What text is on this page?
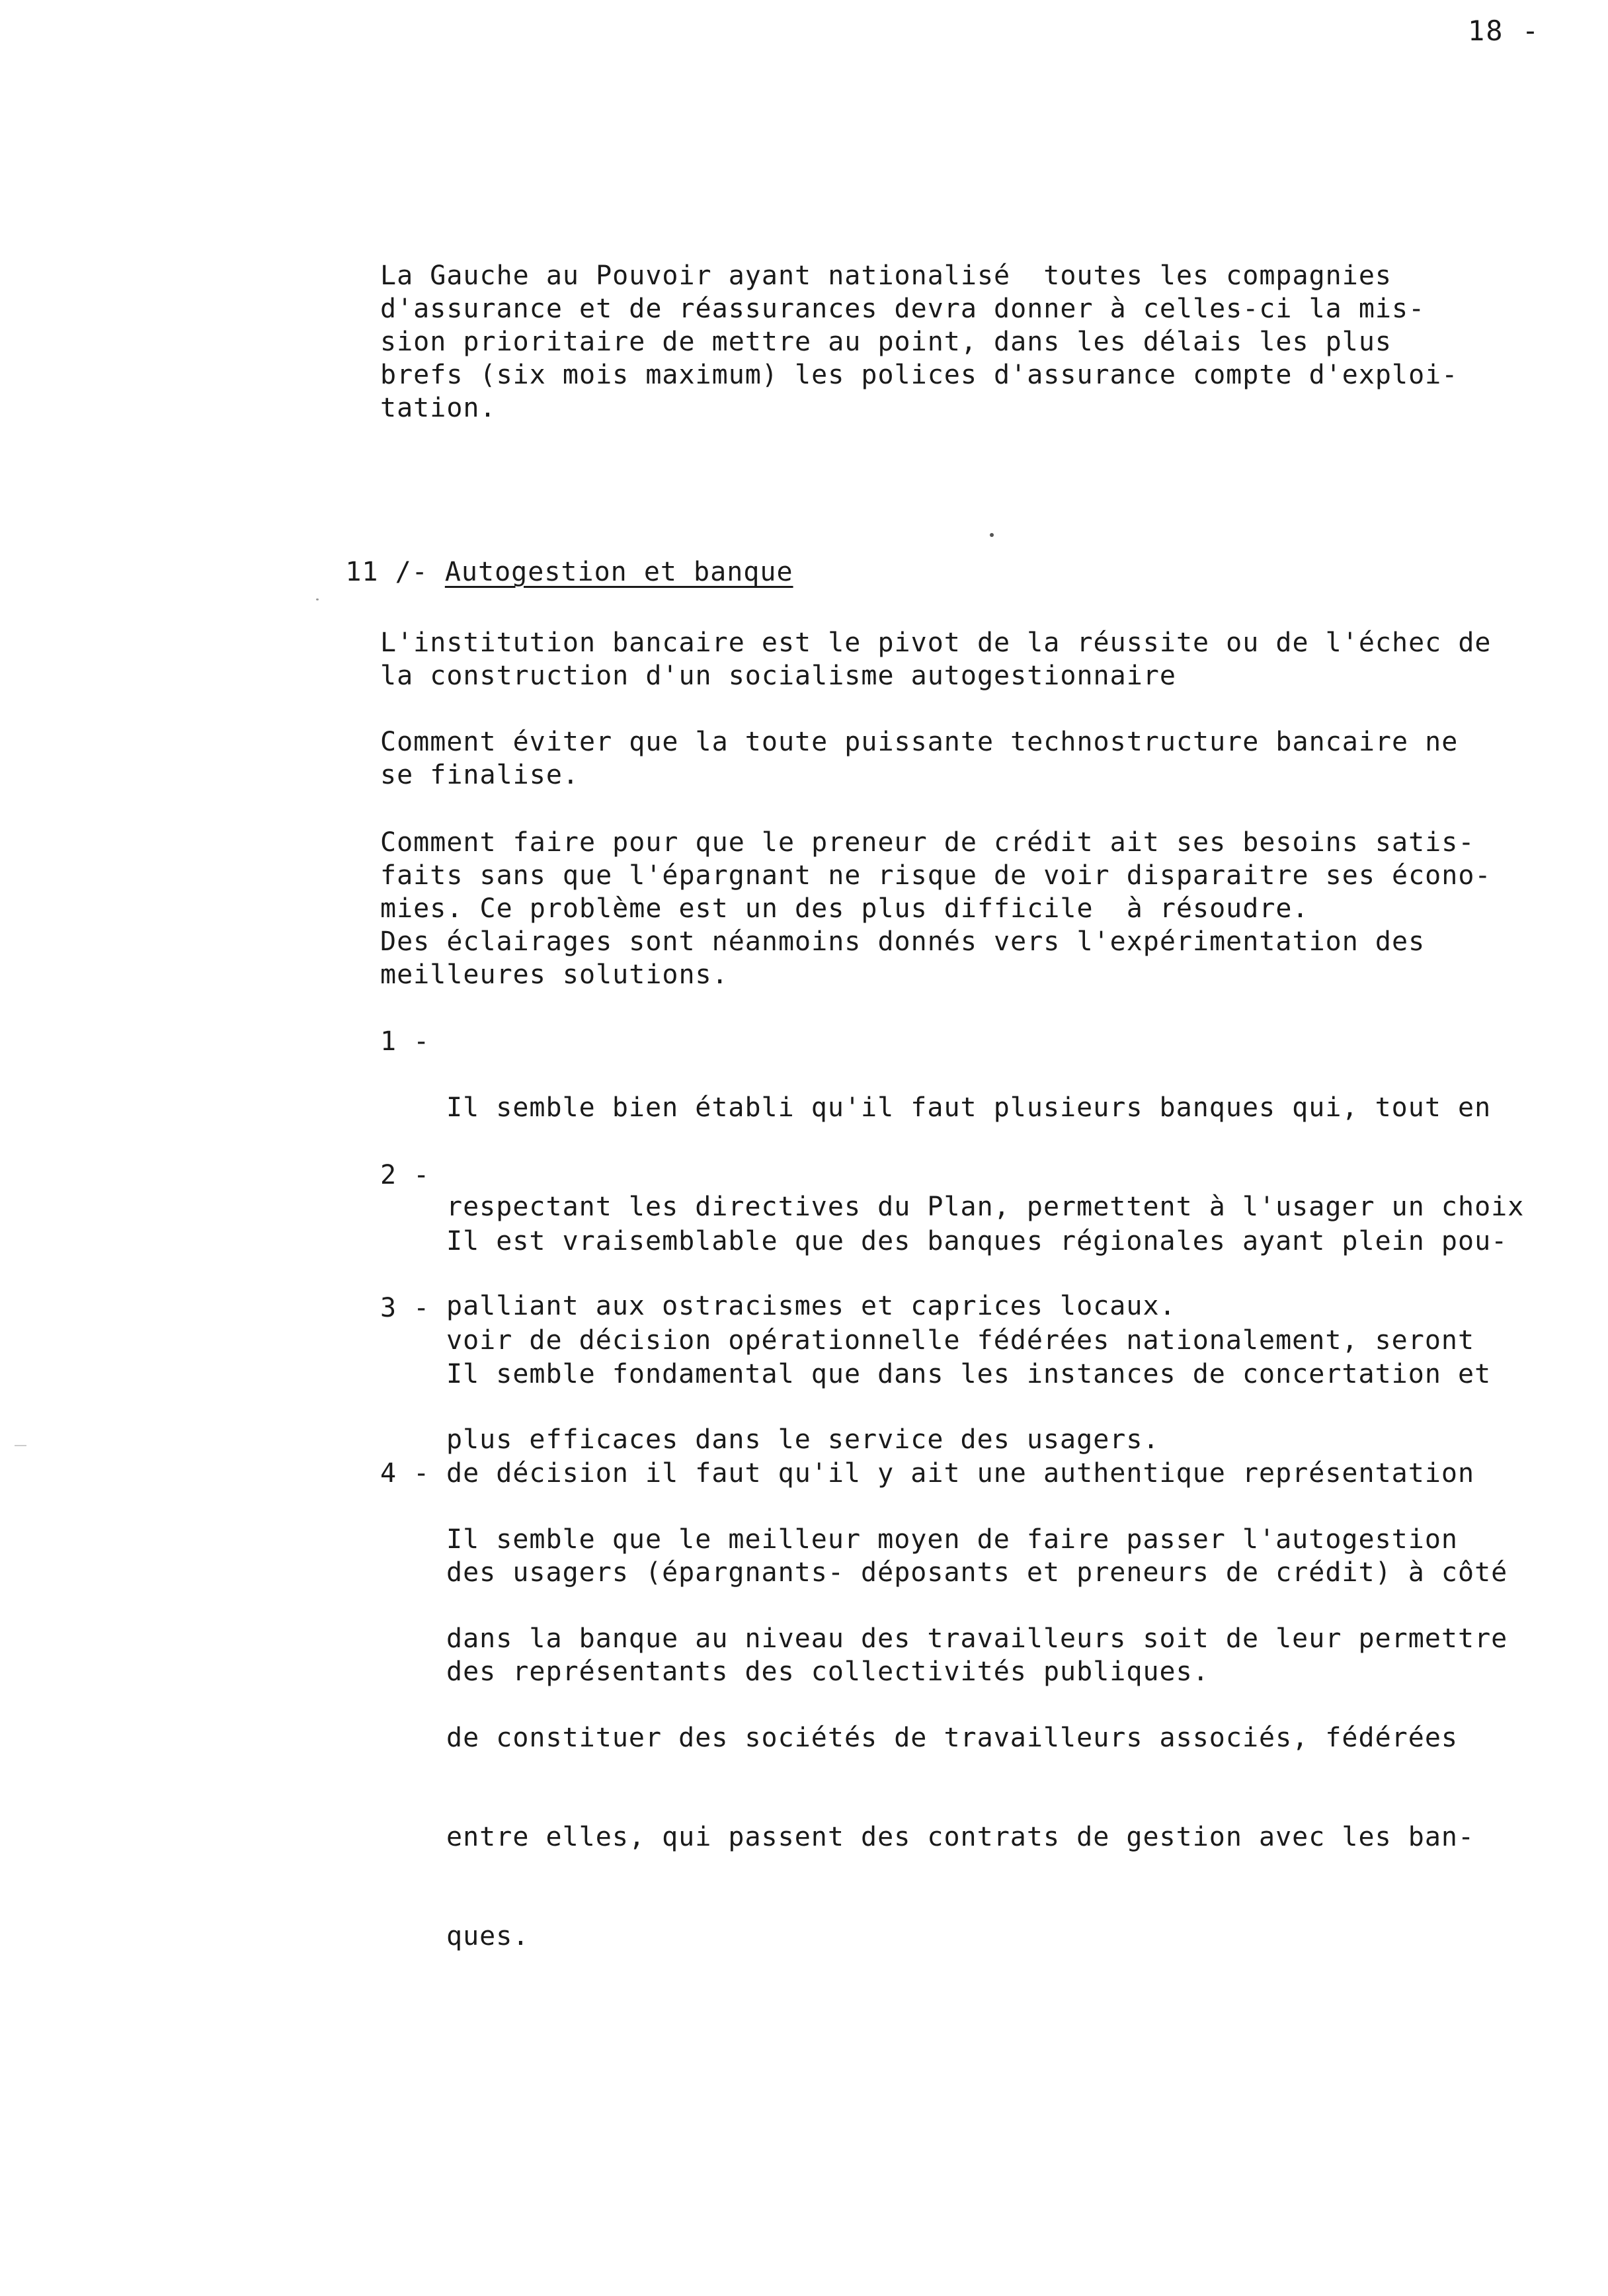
18 -
La Gauche au Pouvoir ayant nationalisé  toutes les compagnies
d'assurance et de réassurances devra donner à celles-ci la mis-
sion prioritaire de mettre au point, dans les délais les plus
brefs (six mois maximum) les polices d'assurance compte d'exploi-
tation.

11 /- Autogestion et banque

L'institution bancaire est le pivot de la réussite ou de l'échec de
la construction d'un socialisme autogestionnaire
Comment éviter que la toute puissante technostructure bancaire ne
se finalise.
Comment faire pour que le preneur de crédit ait ses besoins satis-
faits sans que l'épargnant ne risque de voir disparaitre ses écono-
mies. Ce problème est un des plus difficile  à résoudre.
Des éclairages sont néanmoins donnés vers l'expérimentation des
meilleures solutions.
1 -

Il semble bien établi qu'il faut plusieurs banques qui, tout en

respectant les directives du Plan, permettent à l'usager un choix

palliant aux ostracismes et caprices locaux.

2 -

Il est vraisemblable que des banques régionales ayant plein pou-

voir de décision opérationnelle fédérées nationalement, seront

plus efficaces dans le service des usagers.

3 -

Il semble fondamental que dans les instances de concertation et

de décision il faut qu'il y ait une authentique représentation

des usagers (épargnants- déposants et preneurs de crédit) à côté

des représentants des collectivités publiques.

4 -

Il semble que le meilleur moyen de faire passer l'autogestion

dans la banque au niveau des travailleurs soit de leur permettre

de constituer des sociétés de travailleurs associés, fédérées

entre elles, qui passent des contrats de gestion avec les ban-

ques.
